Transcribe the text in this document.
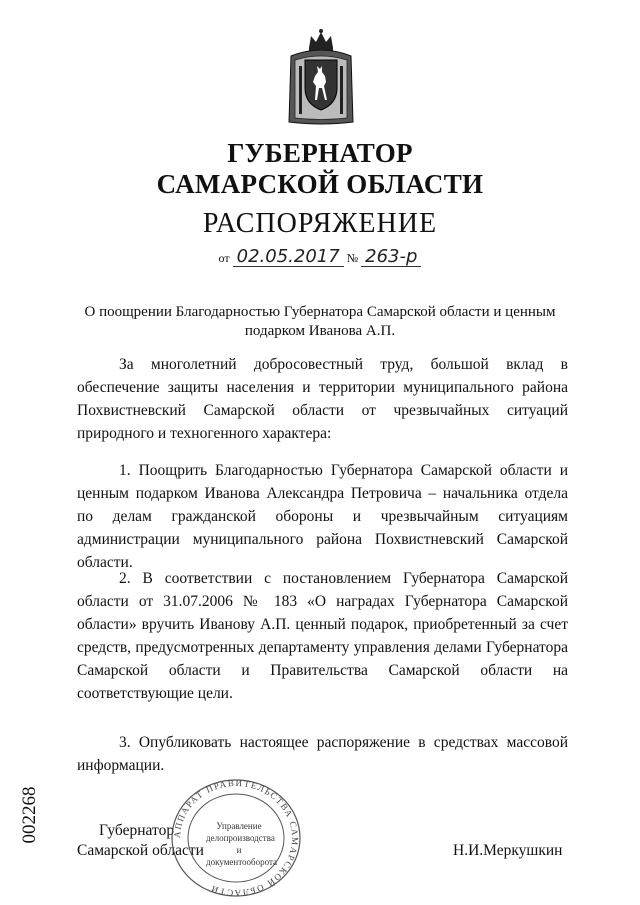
ГУБЕРНАТОР
САМАРСКОЙ ОБЛАСТИ
РАСПОРЯЖЕНИЕ
от 02.05.2017 № 263-р
О поощрении Благодарностью Губернатора Самарской области и ценным подарком Иванова А.П.
За многолетний добросовестный труд, большой вклад в обеспечение защиты населения и территории муниципального района Похвистневский Самарской области от чрезвычайных ситуаций природного и техногенного характера:
1. Поощрить Благодарностью Губернатора Самарской области и ценным подарком Иванова Александра Петровича – начальника отдела по делам гражданской обороны и чрезвычайным ситуациям администрации муниципального района Похвистневский Самарской области.
2. В соответствии с постановлением Губернатора Самарской области от 31.07.2006 № 183 «О наградах Губернатора Самарской области» вручить Иванову А.П. ценный подарок, приобретенный за счет средств, предусмотренных департаменту управления делами Губернатора Самарской области и Правительства Самарской области на соответствующие цели.
3. Опубликовать настоящее распоряжение в средствах массовой информации.
002268	Губернатор
Самарской области	Н.И.Меркушкин
АППАРАТ ПРАВИТЕЛЬСТВА САМАРСКОЙ ОБЛАСТИ
Управление
делопроизводства
и документооборота
